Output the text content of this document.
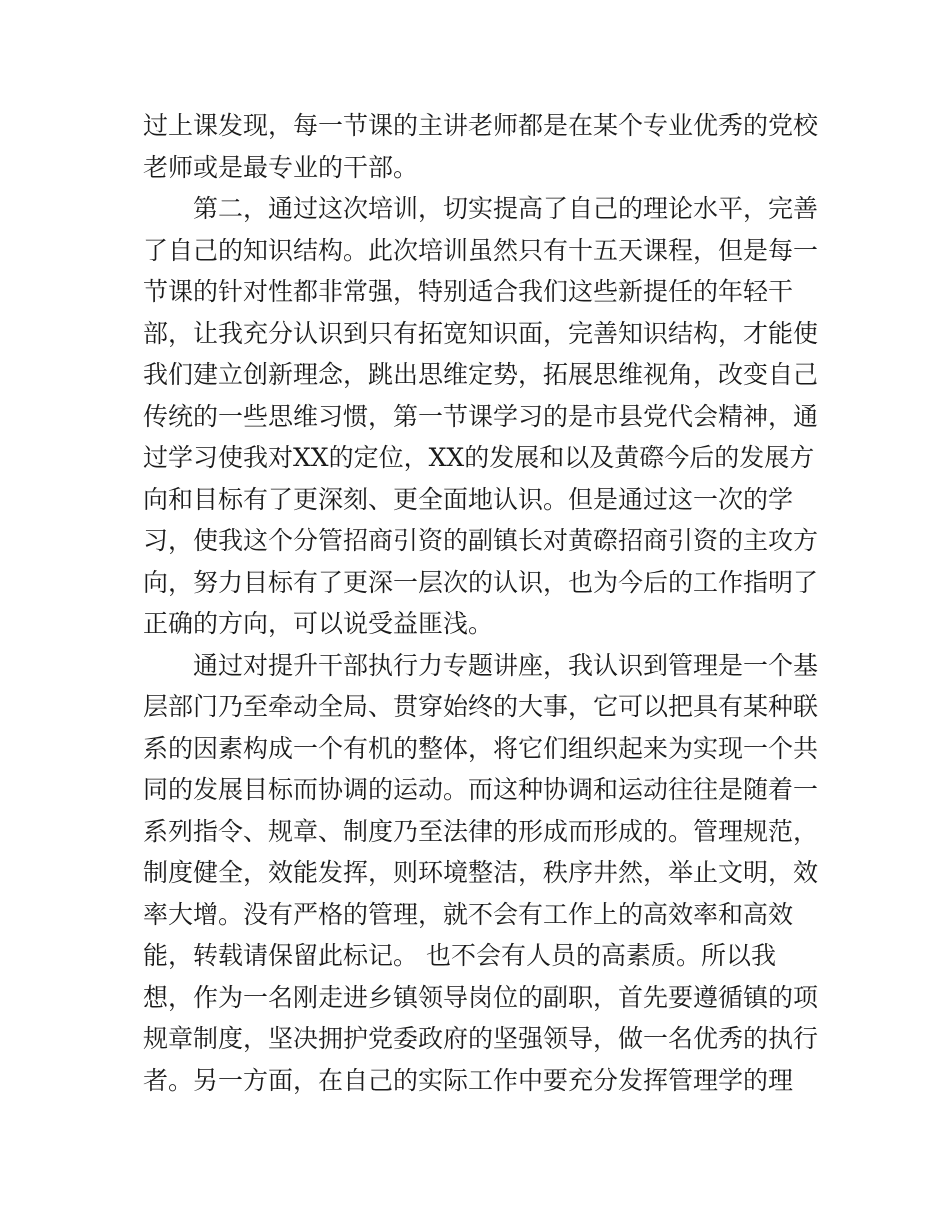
过上课发现，每一节课的主讲老师都是在某个专业优秀的党校
老师或是最专业的干部。
第二，通过这次培训，切实提高了自己的理论水平，完善
了自己的知识结构。此次培训虽然只有十五天课程，但是每一
节课的针对性都非常强，特别适合我们这些新提任的年轻干
部，让我充分认识到只有拓宽知识面，完善知识结构，才能使
我们建立创新理念，跳出思维定势，拓展思维视角，改变自己
传统的一些思维习惯，第一节课学习的是市县党代会精神，通
过学习使我对XX的定位，XX的发展和以及黄磜今后的发展方
向和目标有了更深刻、更全面地认识。但是通过这一次的学
习，使我这个分管招商引资的副镇长对黄磜招商引资的主攻方
向，努力目标有了更深一层次的认识，也为今后的工作指明了
正确的方向，可以说受益匪浅。
通过对提升干部执行力专题讲座，我认识到管理是一个基
层部门乃至牵动全局、贯穿始终的大事，它可以把具有某种联
系的因素构成一个有机的整体，将它们组织起来为实现一个共
同的发展目标而协调的运动。而这种协调和运动往往是随着一
系列指令、规章、制度乃至法律的形成而形成的。管理规范，
制度健全，效能发挥，则环境整洁，秩序井然，举止文明，效
率大增。没有严格的管理，就不会有工作上的高效率和高效
能，转载请保留此标记。 也不会有人员的高素质。所以我
想，作为一名刚走进乡镇领导岗位的副职，首先要遵循镇的项
规章制度，坚决拥护党委政府的坚强领导，做一名优秀的执行
者。另一方面，在自己的实际工作中要充分发挥管理学的理
